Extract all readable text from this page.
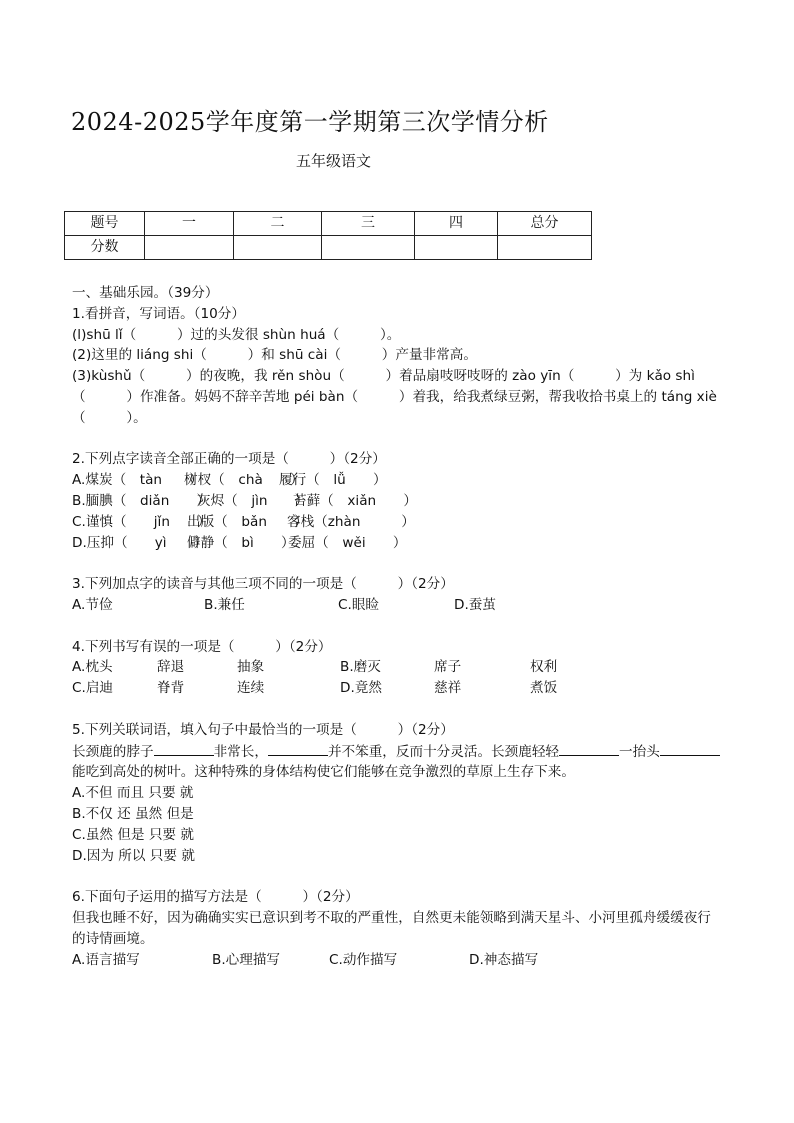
2024-2025学年度第一学期第三次学情分析
五年级语文
题号	一	二	三	四	总分
分数					
一、基础乐园。（39分）
1.看拼音，写词语。（10分）
(l)shū lǐ（　　　）过的头发很 shùn huá（　　　）。
(2)这里的 liáng shi（　　　）和 shū cài（　　　）产量非常高。
(3)kùshǔ（　　　）的夜晚，我 rěn shòu（　　　）着品扇吱呀吱呀的 zào yīn（　　　）为 kǎo shì（　　　）作准备。妈妈不辞辛苦地 péi bàn（　　　）着我，给我煮绿豆粥，帮我收拾书桌上的 táng xiè（　　　）。
2.下列点字读音全部正确的一项是（　　　）（2分）
A.煤炭（　tàn　　）
树杈（　chà　　）
履行（　lǚ　　）
B.腼腆（　diǎn　　）
灰烬（　jìn　　）
苔藓（　xiǎn　　）
C.谨慎（　　jǐn　　）
出版（　bǎn　　）
客栈（zhàn　　　）
D.压抑（　　yì　　）
僻静（　bì　　）
委屈（　wěi　　）
3.下列加点字的读音与其他三项不同的一项是（　　　）（2分）
A.节俭	B.兼任	C.眼睑	D.蚕茧
4.下列书写有误的一项是（　　　）（2分）
A.枕头	辞退	抽象	B.磨灭	席子	权利
C.启迪	脊背	连续	D.竟然	慈祥	煮饭
5.下列关联词语，填入句子中最恰当的一项是（　　　）（2分）
长颈鹿的脖子	非常长，	并不笨重，反而十分灵活。长颈鹿轻轻	一抬头能吃到高处的树叶。这种特殊的身体结构使它们能够在竞争激烈的草原上生存下来。
A.不但 而且 只要 就
B.不仅 还 虽然 但是
C.虽然 但是 只要 就
D.因为 所以 只要 就
6.下面句子运用的描写方法是（　　　）（2分）
但我也睡不好，因为确确实实已意识到考不取的严重性，自然更未能领略到满天星斗、小河里孤舟缓缓夜行的诗情画境。
A.语言描写	B.心理描写	C.动作描写	D.神态描写
